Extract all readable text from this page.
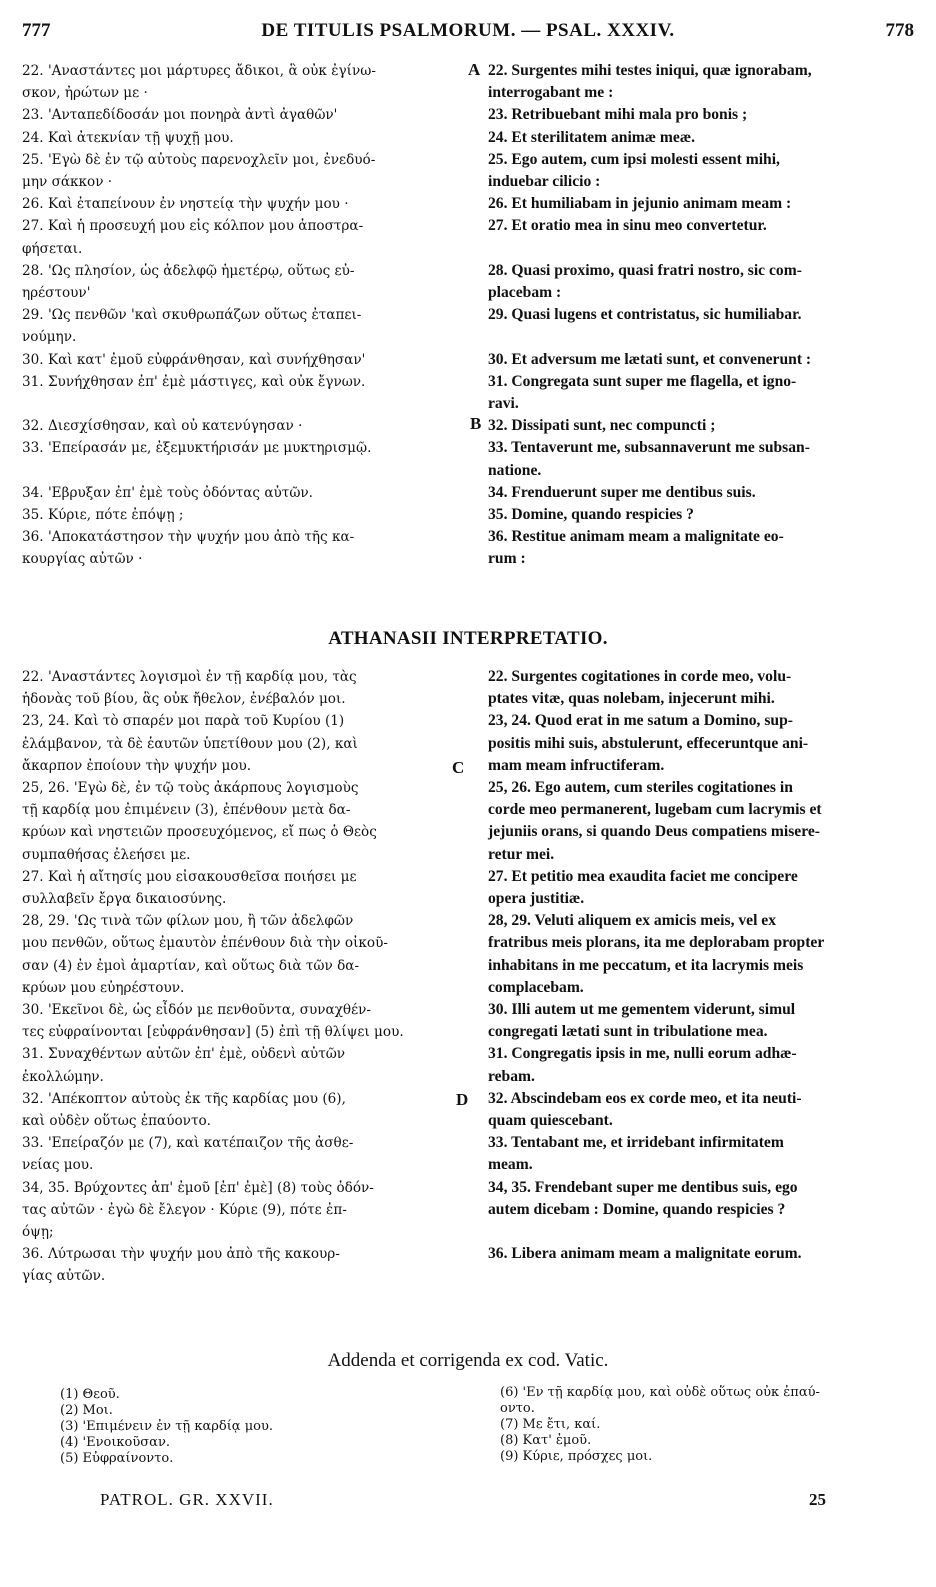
777	DE TITULIS PSALMORUM. — PSAL. XXXIV.	778
22. 'Αναστάντες μοι μάρτυρες ἄδικοι, ἃ οὐκ ἐγίνω-
σκον, ἠρώτων με ·
23. 'Ανταπεδίδοσάν μοι πονηρὰ ἀντὶ ἀγαθῶν'
24. Καὶ ἀτεκνίαν τῇ ψυχῇ μου.
25. 'Εγὼ δὲ ἐν τῷ αὐτοὺς παρενοχλεῖν μοι, ἐνεδυό-
μην σάκκον ·
26. Καὶ ἐταπείνουν ἐν νηστείᾳ τὴν ψυχήν μου ·
27. Καὶ ἡ προσευχή μου εἰς κόλπον μου ἀποστρα-
φήσεται.
28. 'Ως πλησίον, ὡς ἀδελφῷ ἡμετέρῳ, οὕτως εὐ-
ηρέστουν'
29. 'Ως πενθῶν 'καὶ σκυθρωπάζων οὕτως ἐταπει-
νούμην.
30. Καὶ κατ' ἐμοῦ εὐφράνθησαν, καὶ συνήχθησαν'
31. Συνήχθησαν ἐπ' ἐμὲ μάστιγες, καὶ οὐκ ἔγνων.

32. Διεσχίσθησαν, καὶ οὐ κατενύγησαν ·
33. 'Επείρασάν με, ἐξεμυκτήρισάν με μυκτηρισμῷ.

34. 'Εβρυξαν ἐπ' ἐμὲ τοὺς ὀδόντας αὐτῶν.
35. Κύριε, πότε ἐπόψῃ ;
36. 'Αποκατάστησον τὴν ψυχήν μου ἀπὸ τῆς κα-
κουργίας αὐτῶν ·
22. Surgentes mihi testes iniqui, quæ ignorabam,
interrogabant me :
23. Retribuebant mihi mala pro bonis ;
24. Et sterilitatem animæ meæ.
25. Ego autem, cum ipsi molesti essent mihi,
induebar cilicio :
26. Et humiliabam in jejunio animam meam :
27. Et oratio mea in sinu meo convertetur.

28. Quasi proximo, quasi fratri nostro, sic com-
placebam :
29. Quasi lugens et contristatus, sic humiliabar.

30. Et adversum me lætati sunt, et convenerunt :
31. Congregata sunt super me flagella, et igno-
ravi.
32. Dissipati sunt, nec compuncti ;
33. Tentaverunt me, subsannaverunt me subsan-
natione.
34. Frenduerunt super me dentibus suis.
35. Domine, quando respicies ?
36. Restitue animam meam a malignitate eo-
rum :
A
B
ATHANASII INTERPRETATIO.
22. 'Αναστάντες λογισμοὶ ἐν τῇ καρδίᾳ μου, τὰς
ἡδονὰς τοῦ βίου, ἃς οὐκ ἤθελον, ἐνέβαλόν μοι.
23, 24. Καὶ τὸ σπαρέν μοι παρὰ τοῦ Κυρίου (1)
ἐλάμβανον, τὰ δὲ ἑαυτῶν ὑπετίθουν μου (2), καὶ
ἄκαρπον ἐποίουν τὴν ψυχήν μου.
25, 26. 'Εγὼ δὲ, ἐν τῷ τοὺς ἀκάρπους λογισμοὺς
τῇ καρδίᾳ μου ἐπιμένειν (3), ἐπένθουν μετὰ δα-
κρύων καὶ νηστειῶν προσευχόμενος, εἴ πως ὁ Θεὸς
συμπαθήσας ἐλεήσει με.
27. Καὶ ἡ αἴτησίς μου εἰσακουσθεῖσα ποιήσει με
συλλαβεῖν ἔργα δικαιοσύνης.
28, 29. 'Ως τινὰ τῶν φίλων μου, ἢ τῶν ἀδελφῶν
μου πενθῶν, οὕτως ἐμαυτὸν ἐπένθουν διὰ τὴν οἰκοῦ-
σαν (4) ἐν ἐμοὶ ἁμαρτίαν, καὶ οὕτως διὰ τῶν δα-
κρύων μου εὐηρέστουν.
30. 'Εκεῖνοι δὲ, ὡς εἶδόν με πενθοῦντα, συναχθέν-
τες εὐφραίνονται [εὐφράνθησαν] (5) ἐπὶ τῇ θλίψει μου.
31. Συναχθέντων αὐτῶν ἐπ' ἐμὲ, οὐδενὶ αὐτῶν
ἐκολλώμην.
32. 'Απέκοπτον αὐτοὺς ἐκ τῆς καρδίας μου (6),
καὶ οὐδὲν οὕτως ἐπαύοντο.
33. 'Επείραζόν με (7), καὶ κατέπαιζον τῆς ἀσθε-
νείας μου.
34, 35. Βρύχοντες ἀπ' ἐμοῦ [ἐπ' ἐμὲ] (8) τοὺς ὀδόν-
τας αὐτῶν · ἐγὼ δὲ ἔλεγον · Κύριε (9), πότε ἐπ-
όψῃ;
36. Λύτρωσαι τὴν ψυχήν μου ἀπὸ τῆς κακουρ-
γίας αὐτῶν.
22. Surgentes cogitationes in corde meo, volu-
ptates vitæ, quas nolebam, injecerunt mihi.
23, 24. Quod erat in me satum a Domino, sup-
positis mihi suis, abstulerunt, effeceruntque ani-
mam meam infructiferam.
25, 26. Ego autem, cum steriles cogitationes in
corde meo permanerent, lugebam cum lacrymis et
jejuniis orans, si quando Deus compatiens misere-
retur mei.
27. Et petitio mea exaudita faciet me concipere
opera justitiæ.
28, 29. Veluti aliquem ex amicis meis, vel ex
fratribus meis plorans, ita me deplorabam propter
inhabitans in me peccatum, et ita lacrymis meis
complacebam.
30. Illi autem ut me gementem viderunt, simul
congregati lætati sunt in tribulatione mea.
31. Congregatis ipsis in me, nulli eorum adhæ-
rebam.
32. Abscindebam eos ex corde meo, et ita neuti-
quam quiescebant.
33. Tentabant me, et irridebant infirmitatem
meam.
34, 35. Frendebant super me dentibus suis, ego
autem dicebam : Domine, quando respicies ?

36. Libera animam meam a malignitate eorum.
C
D
Addenda et corrigenda ex cod. Vatic.
(1) Θεοῦ.
(2) Μοι.
(3) 'Επιμένειν ἐν τῇ καρδίᾳ μου.
(4) 'Ενοικοῦσαν.
(5) Εὐφραίνοντο.
(6) 'Εν τῇ καρδίᾳ μου, καὶ οὐδὲ οὕτως οὐκ ἐπαύ-
οντο.
(7) Με ἔτι, καί.
(8) Κατ' ἐμοῦ.
(9) Κύριε, πρόσχες μοι.
PATROL. GR. XXVII.	25
